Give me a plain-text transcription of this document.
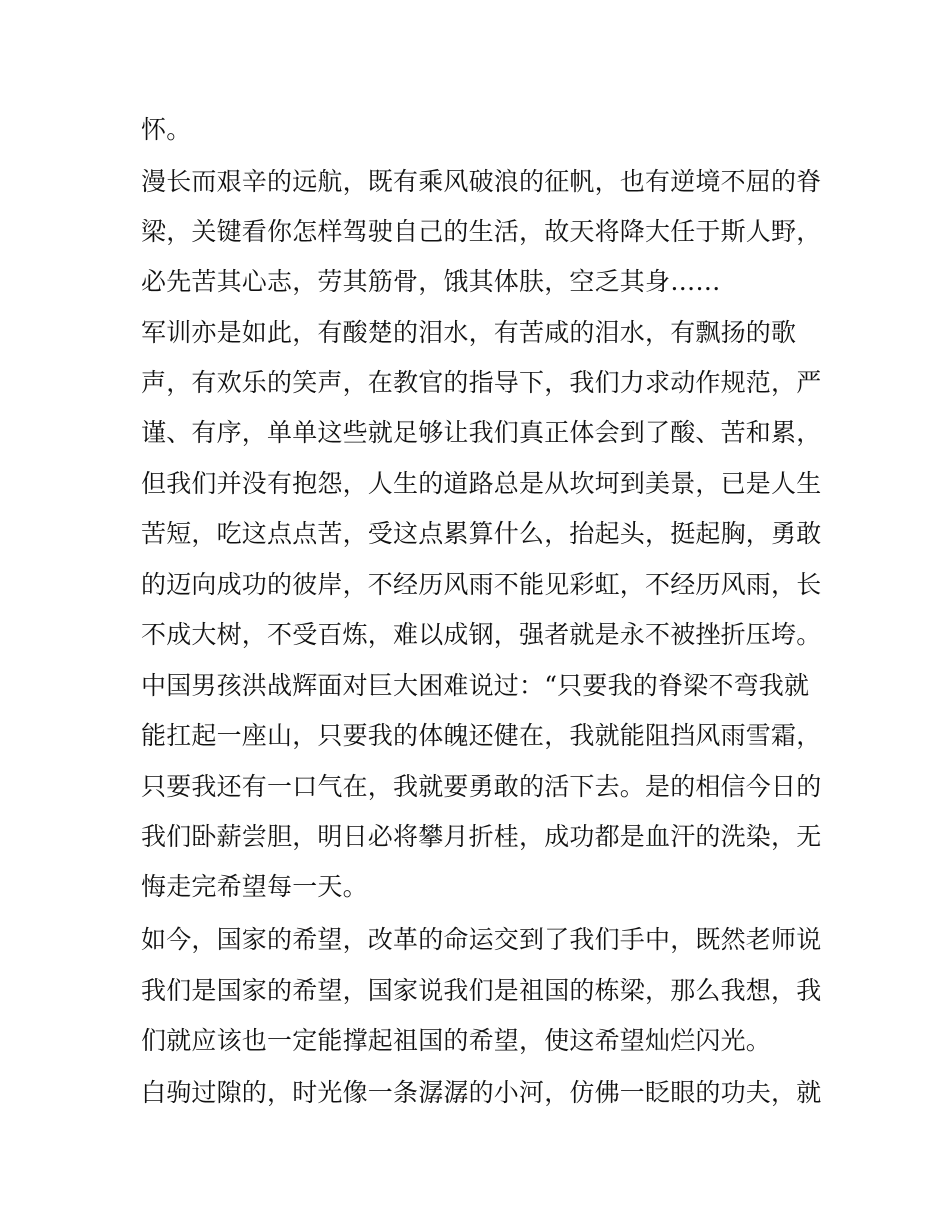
怀。
漫长而艰辛的远航，既有乘风破浪的征帆，也有逆境不屈的脊
梁，关键看你怎样驾驶自己的生活，故天将降大任于斯人野，
必先苦其心志，劳其筋骨，饿其体肤，空乏其身……
军训亦是如此，有酸楚的泪水，有苦咸的泪水，有飘扬的歌
声，有欢乐的笑声，在教官的指导下，我们力求动作规范，严
谨、有序，单单这些就足够让我们真正体会到了酸、苦和累，
但我们并没有抱怨，人生的道路总是从坎坷到美景，已是人生
苦短，吃这点点苦，受这点累算什么，抬起头，挺起胸，勇敢
的迈向成功的彼岸，不经历风雨不能见彩虹，不经历风雨，长
不成大树，不受百炼，难以成钢，强者就是永不被挫折压垮。
中国男孩洪战辉面对巨大困难说过：“只要我的脊梁不弯我就
能扛起一座山，只要我的体魄还健在，我就能阻挡风雨雪霜，
只要我还有一口气在，我就要勇敢的活下去。是的相信今日的
我们卧薪尝胆，明日必将攀月折桂，成功都是血汗的洗染，无
悔走完希望每一天。
如今，国家的希望，改革的命运交到了我们手中，既然老师说
我们是国家的希望，国家说我们是祖国的栋梁，那么我想，我
们就应该也一定能撑起祖国的希望，使这希望灿烂闪光。
白驹过隙的，时光像一条潺潺的小河，仿佛一眨眼的功夫，就
